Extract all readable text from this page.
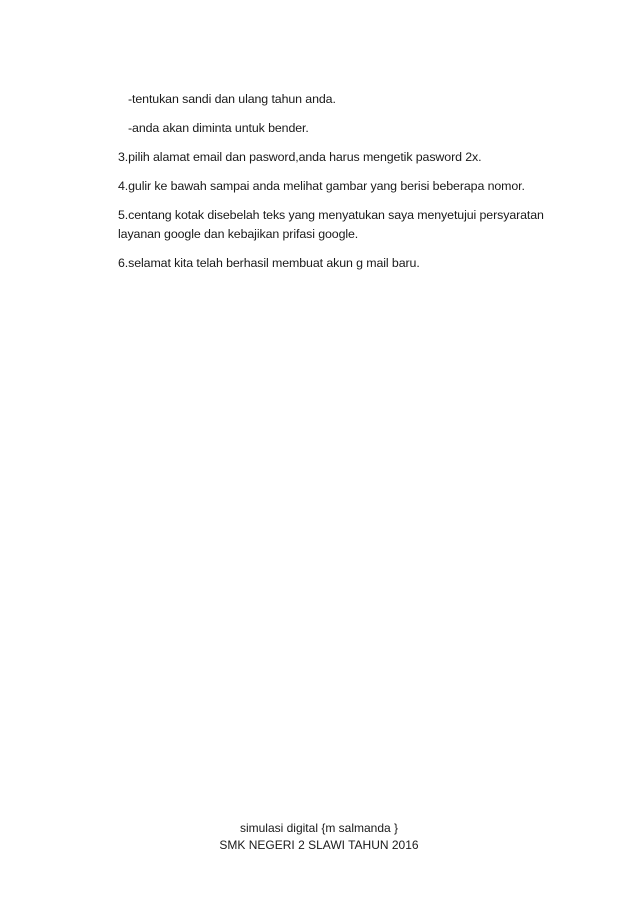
-tentukan sandi dan ulang tahun anda.

-anda akan diminta untuk bender.

3.pilih alamat email dan pasword,anda harus mengetik pasword 2x.

4.gulir ke bawah sampai anda melihat gambar yang berisi beberapa nomor.

5.centang kotak disebelah teks yang menyatukan saya menyetujui persyaratan layanan google dan kebajikan prifasi google.

6.selamat kita telah berhasil membuat akun g mail baru.

simulasi digital {m salmanda }
SMK NEGERI 2 SLAWI TAHUN 2016
